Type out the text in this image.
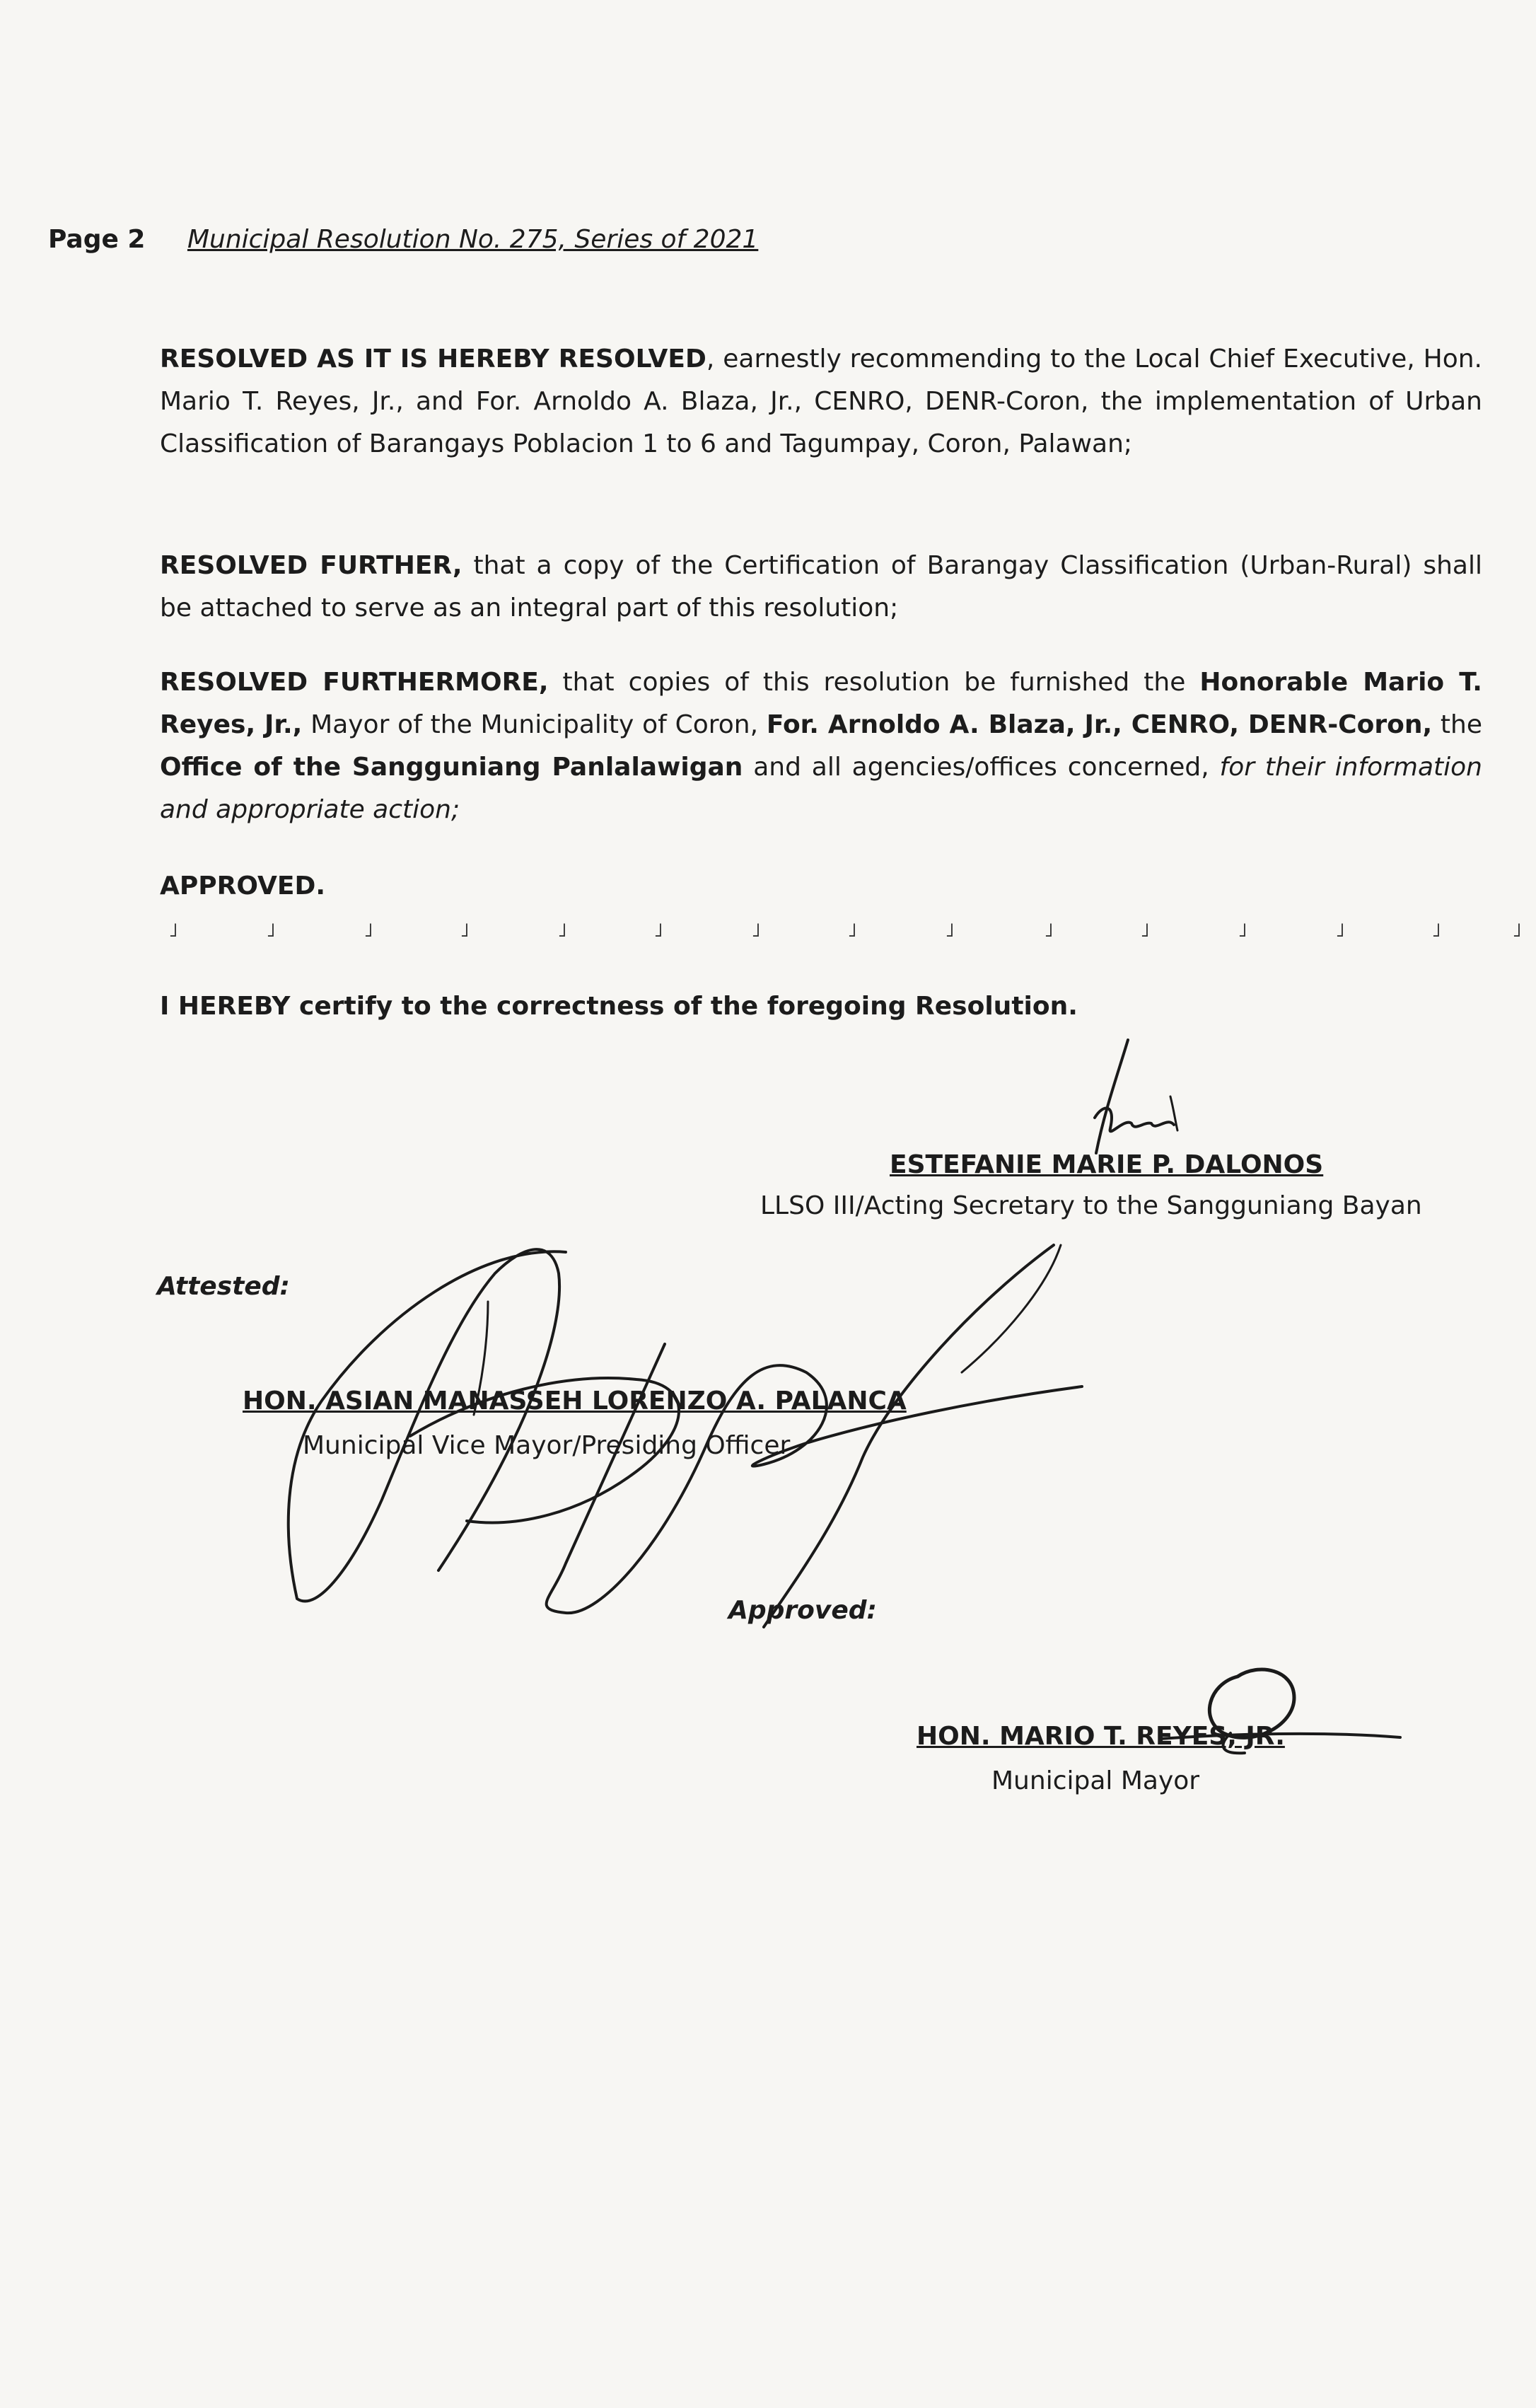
Page 2 Municipal Resolution No. 275, Series of 2021
RESOLVED AS IT IS HEREBY RESOLVED, earnestly recommending to the Local Chief Executive, Hon. Mario T. Reyes, Jr., and For. Arnoldo A. Blaza, Jr., CENRO, DENR-Coron, the implementation of Urban Classification of Barangays Poblacion 1 to 6 and Tagumpay, Coron, Palawan;
RESOLVED FURTHER, that a copy of the Certification of Barangay Classification (Urban-Rural) shall be attached to serve as an integral part of this resolution;
RESOLVED FURTHERMORE, that copies of this resolution be furnished the Honorable Mario T. Reyes, Jr., Mayor of the Municipality of Coron, For. Arnoldo A. Blaza, Jr., CENRO, DENR-Coron, the Office of the Sangguniang Panlalawigan and all agencies/offices concerned, for their information and appropriate action;
APPROVED.
˩	˩	˩	˩	˩	˩	˩	˩	˩	˩	˩	˩	˩	˩	˩
I HEREBY certify to the correctness of the foregoing Resolution.
ESTEFANIE MARIE P. DALONOS
LLSO III/Acting Secretary to the Sangguniang Bayan
Attested:
HON. ASIAN MANASSEH LORENZO A. PALANCA
Municipal Vice Mayor/Presiding Officer
Approved:
HON. MARIO T. REYES, JR.
Municipal Mayor
